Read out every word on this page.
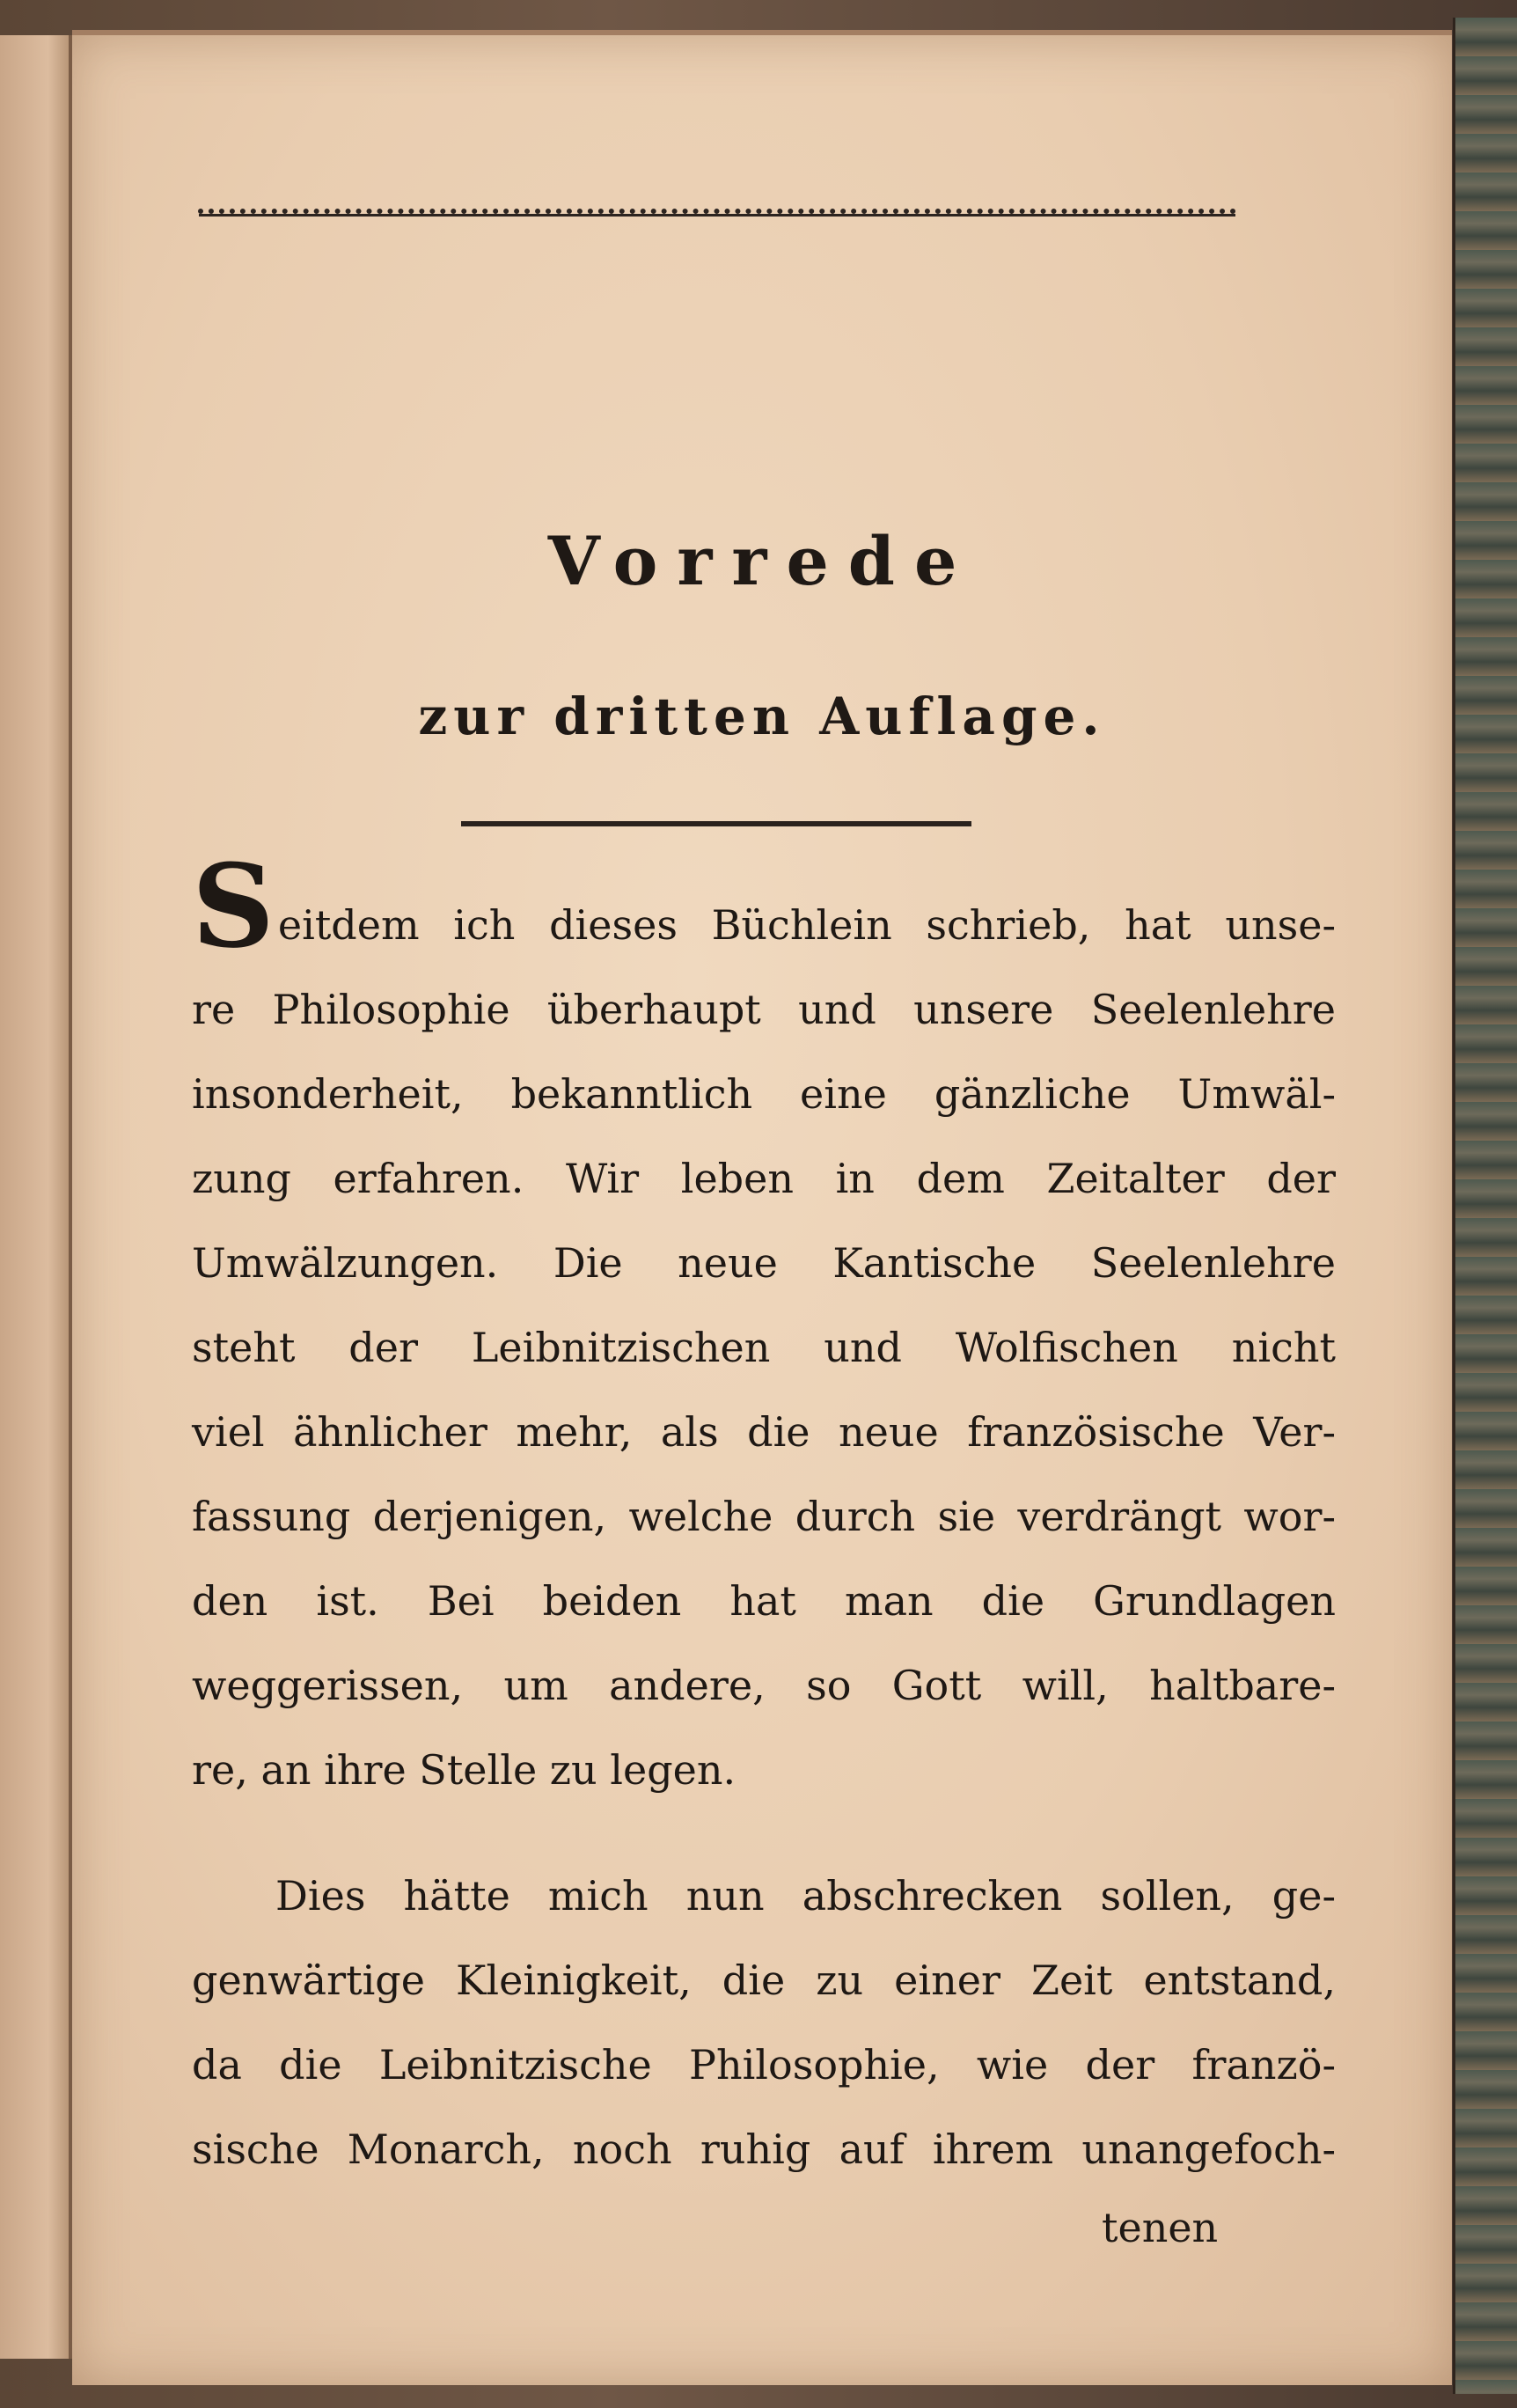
Vorrede
zur dritten Auflage.
Seitdem ich dieses Büchlein schrieb, hat unse-
re Philosophie überhaupt und unsere Seelenlehre
insonderheit, bekanntlich eine gänzliche Umwäl-
zung erfahren. Wir leben in dem Zeitalter der
Umwälzungen. Die neue Kantische Seelenlehre
steht der Leibnitzischen und Wolfischen nicht
viel ähnlicher mehr, als die neue französische Ver-
fassung derjenigen, welche durch sie verdrängt wor-
den ist. Bei beiden hat man die Grundlagen
weggerissen, um andere, so Gott will, haltbare-
re, an ihre Stelle zu legen.
Dies hätte mich nun abschrecken sollen, ge-
genwärtige Kleinigkeit, die zu einer Zeit entstand,
da die Leibnitzische Philosophie, wie der franzö-
sische Monarch, noch ruhig auf ihrem unangefoch-
tenen
